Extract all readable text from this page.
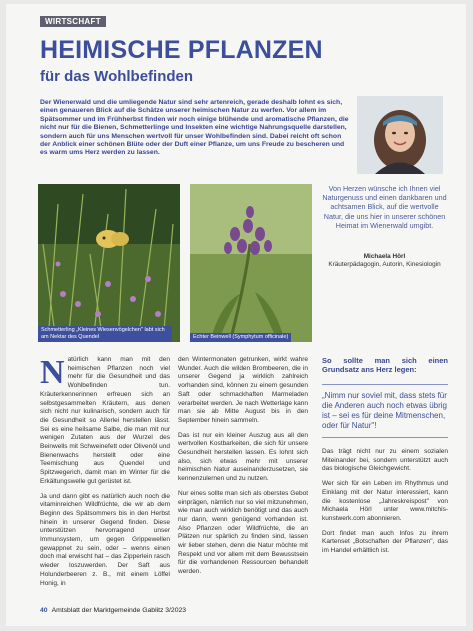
WIRTSCHAFT
HEIMISCHE PFLANZEN
für das Wohlbefinden
Der Wienerwald und die umliegende Natur sind sehr artenreich, gerade deshalb lohnt es sich, einen genaueren Blick auf die Schätze unserer heimischen Natur zu werfen. Vor allem im Spätsommer und im Frühherbst finden wir noch einige blühende und aromatische Pflanzen, die nicht nur für die Bienen, Schmetterlinge und Insekten eine wichtige Nahrungsquelle darstellen, sondern auch für uns Menschen wertvoll für unser Wohlbefinden sind. Dabei reicht oft schon der Anblick einer schönen Blüte oder der Duft einer Pflanze, um uns Freude zu bescheren und es warm ums Herz werden zu lassen.
Von Herzen wünsche ich Ihnen viel Naturgenuss und einen dankbaren und achtsamen Blick, auf die wertvolle Natur, die uns hier in unserer schönen Heimat im Wienerwald umgibt.
Michaela Hörl
Kräuterpädagogin, Autorin, Kinesiologin
Schmetterling „Kleines Wiesenvögelchen" labt sich am Nektar des Quendel	Echter Beinwell (Symphytum officinale)

Natürlich kann man mit den heimischen Pflanzen noch viel mehr für die Gesundheit und das Wohlbefinden tun. Kräuterkennerinnen erfreuen sich an selbstgesammelten Kräutern, aus denen sich nicht nur kulinarisch, sondern auch für die Gesundheit so Allerlei herstellen lässt. Sei es eine heilsame Salbe, die man mit nur wenigen Zutaten aus der Wurzel des Beinwells mit Schweinefett oder Olivenöl und Bienenwachs herstellt oder eine Teemischung aus Quendel und Spitzwegerich, damit man im Winter für die Erkältungswelle gut gerüstet ist.

Ja und dann gibt es natürlich auch noch die vitaminreichen Wildfrüchte, die wir ab dem Beginn des Spätsommers bis in den Herbst hinein in unserer Gegend finden. Diese unterstützen hervorragend unser Immunsystem, um gegen Grippewellen gewappnet zu sein, oder – wenns einen doch mal erwischt hat – das Zipperlein rasch wieder loszuwerden. Der Saft aus Holunderbeeren z. B., mit einem Löffel Honig, in

den Wintermonaten getrunken, wirkt wahre Wunder. Auch die wilden Brombeeren, die in unserer Gegend ja wirklich zahlreich vorhanden sind, können zu einem gesunden Saft oder schmackhaften Marmeladen verarbeitet werden. Je nach Wetterlage kann man sie ab Mitte August bis in den September hinein sammeln.

Das ist nur ein kleiner Auszug aus all den wertvollen Kostbarkeiten, die sich für unsere Gesundheit herstellen lassen. Es lohnt sich also, sich etwas mehr mit unserer heimischen Natur auseinanderzusetzen, sie kennenzulernen und zu nutzen.

Nur eines sollte man sich als oberstes Gebot einprägen, nämlich nur so viel mitzunehmen, wie man auch wirklich benötigt und das auch nur dann, wenn genügend vorhanden ist. Also Pflanzen oder Wildfrüchte, die an Plätzen nur spärlich zu finden sind, lassen wir lieber stehen, denn die Natur möchte mit Respekt und vor allem mit dem Bewusstsein für die vorhandenen Ressourcen behandelt werden.

So sollte man sich einen Grundsatz ans Herz legen:
„Nimm nur soviel mit, dass stets für die Anderen auch noch etwas übrig ist – sei es für deine Mitmenschen, oder für Natur"!

Das trägt nicht nur zu einem sozialen Miteinander bei, sondern unterstützt auch das biologische Gleichgewicht.

Wer sich für ein Leben im Rhythmus und Einklang mit der Natur interessiert, kann die kostenlose „Jahreskreispost" von Michaela Hörl unter www.mitchis-kunstwerk.com abonnieren.

Dort findet man auch Infos zu ihrem Kartenset „Botschaften der Pflanzen", das im Handel erhältlich ist.

40 Amtsblatt der Marktgemeinde Gablitz 3/2023
